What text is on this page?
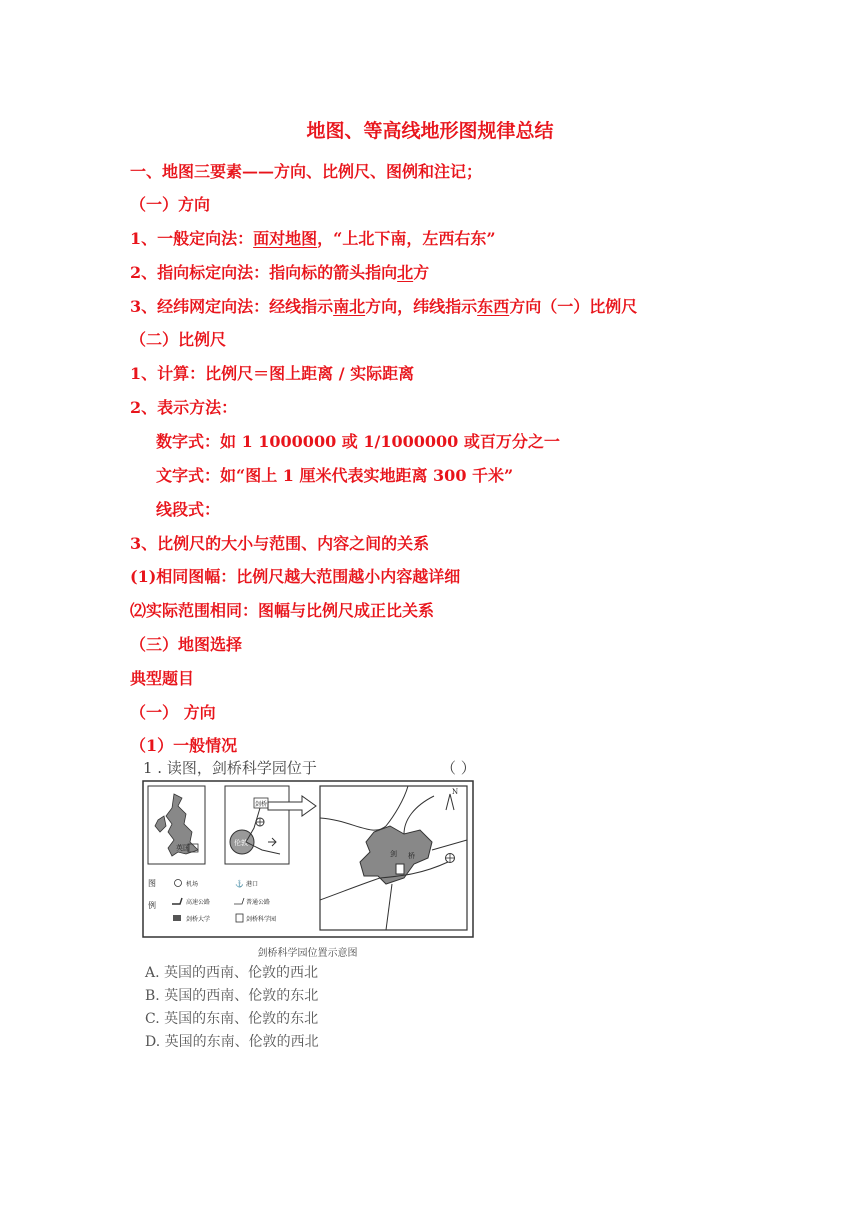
地图、等高线地形图规律总结
一、地图三要素——方向、比例尺、图例和注记；
（一）方向
1、一般定向法：面对地图，“上北下南，左西右东”
2、指向标定向法：指向标的箭头指向北方
3、经纬网定向法：经线指示南北方向，纬线指示东西方向（一）比例尺
（二）比例尺
1、计算：比例尺＝图上距离 / 实际距离
2、表示方法：
数字式：如 1 1000000 或 1/1000000 或百万分之一
文字式：如“图上 1 厘米代表实地距离 300 千米”
线段式：
3、比例尺的大小与范围、内容之间的关系
(1)相同图幅：比例尺越大范围越小内容越详细
⑵实际范围相同：图幅与比例尺成正比关系
（三）地图选择
典型题目
（一） 方向
（1）一般情况
1 . 读图，剑桥科学园位于	（ ）
英国
剑桥
伦敦
剑 桥
N
图
例
机场	⚓ 港口
高速公路	普通公路
剑桥大学	剑桥科学园
剑桥科学园位置示意图
A. 英国的西南、伦敦的西北
B. 英国的西南、伦敦的东北
C. 英国的东南、伦敦的东北
D. 英国的东南、伦敦的西北
